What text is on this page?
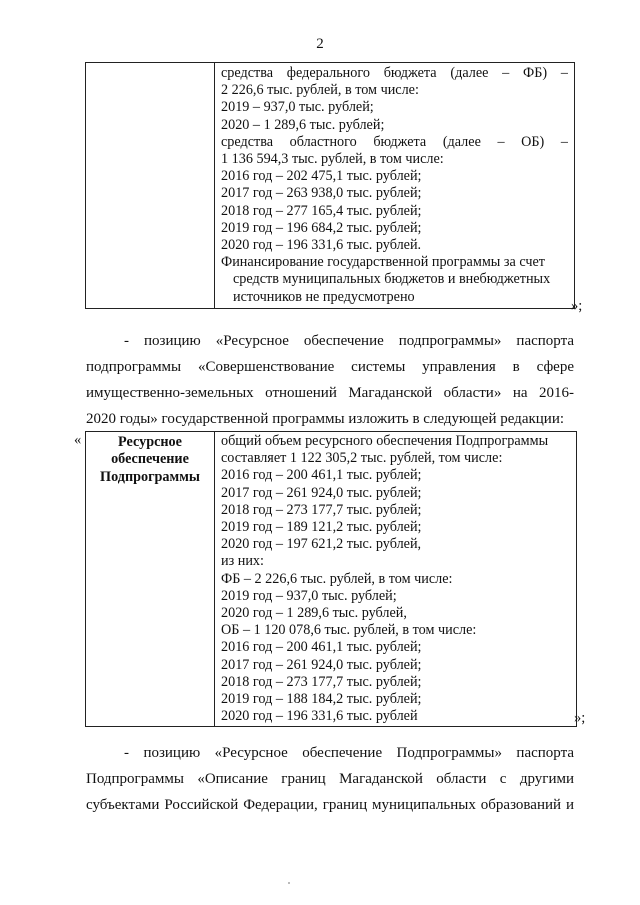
2

средства федерального бюджета (далее – ФБ) –
2 226,6 тыс. рублей, в том числе:
2019 – 937,0 тыс. рублей;
2020 – 1 289,6 тыс. рублей;
средства областного бюджета (далее – ОБ) –
1 136 594,3 тыс. рублей, в том числе:
2016 год – 202 475,1 тыс. рублей;
2017 год – 263 938,0 тыс. рублей;
2018 год – 277 165,4 тыс. рублей;
2019 год – 196 684,2 тыс. рублей;
2020 год – 196 331,6 тыс. рублей.
Финансирование государственной программы за счет
средств муниципальных бюджетов и внебюджетных
источников не предусмотрено
»;
- позицию «Ресурсное обеспечение подпрограммы» паспорта
подпрограммы «Совершенствование системы управления в сфере
имущественно-земельных отношений Магаданской области» на 2016-
2020 годы» государственной программы изложить в следующей редакции:
«	Ресурсное
обеспечение
Подпрограммы

общий объем ресурсного обеспечения Подпрограммы
составляет 1 122 305,2 тыс. рублей, том числе:
2016 год – 200 461,1 тыс. рублей;
2017 год – 261 924,0 тыс. рублей;
2018 год – 273 177,7 тыс. рублей;
2019 год – 189 121,2 тыс. рублей;
2020 год – 197 621,2 тыс. рублей,
из них:
ФБ – 2 226,6 тыс. рублей, в том числе:
2019 год – 937,0 тыс. рублей;
2020 год – 1 289,6 тыс. рублей,
ОБ – 1 120 078,6 тыс. рублей, в том числе:
2016 год – 200 461,1 тыс. рублей;
2017 год – 261 924,0 тыс. рублей;
2018 год – 273 177,7 тыс. рублей;
2019 год – 188 184,2 тыс. рублей;
2020 год – 196 331,6 тыс. рублей	»;
- позицию «Ресурсное обеспечение Подпрограммы» паспорта
Подпрограммы «Описание границ Магаданской области с другими
субъектами Российской Федерации, границ муниципальных образований и
